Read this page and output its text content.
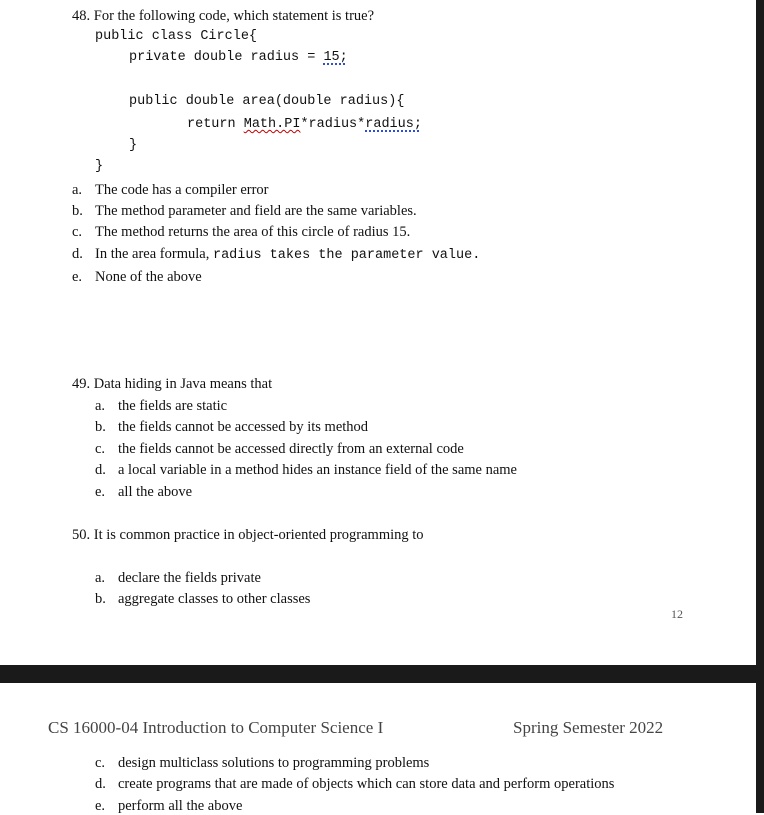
48. For the following code, which statement is true?
public class Circle{
private double radius = 15;
public double area(double radius){
return Math.PI*radius*radius;
}
}
a. The code has a compiler error
b. The method parameter and field are the same variables.
c. The method returns the area of this circle of radius 15.
d. In the area formula, radius takes the parameter value.
e. None of the above
49. Data hiding in Java means that
a. the fields are static
b. the fields cannot be accessed by its method
c. the fields cannot be accessed directly from an external code
d. a local variable in a method hides an instance field of the same name
e. all the above
50. It is common practice in object-oriented programming to
a. declare the fields private
b. aggregate classes to other classes
12
CS 16000-04 Introduction to Computer Science I	Spring Semester 2022
c. design multiclass solutions to programming problems
d. create programs that are made of objects which can store data and perform operations
e. perform all the above
